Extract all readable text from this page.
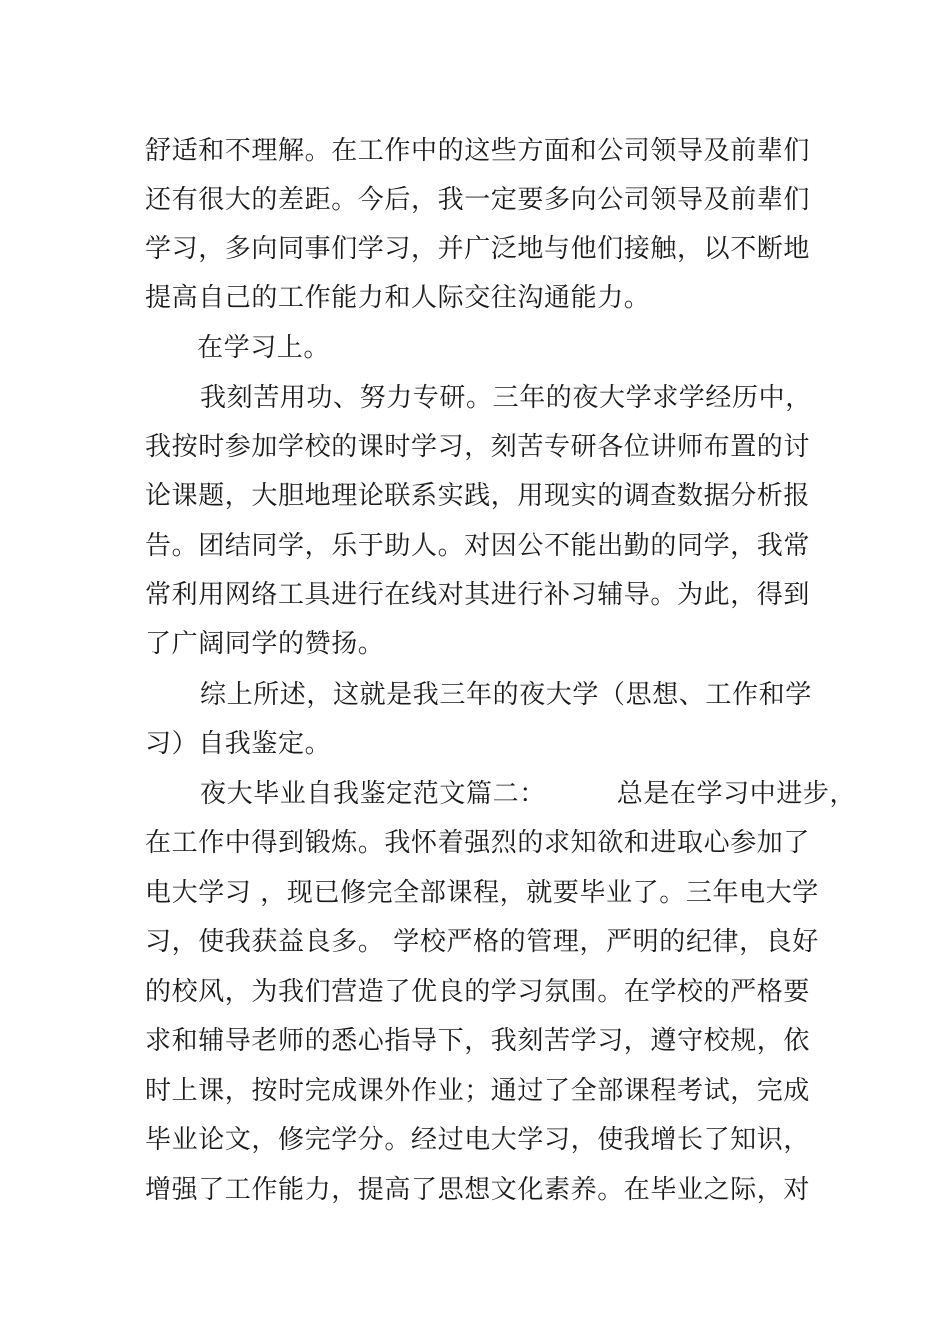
舒适和不理解。在工作中的这些方面和公司领导及前辈们
还有很大的差距。今后，我一定要多向公司领导及前辈们
学习，多向同事们学习，并广泛地与他们接触，以不断地
提高自己的工作能力和人际交往沟通能力。
在学习上。
我刻苦用功、努力专研。三年的夜大学求学经历中，
我按时参加学校的课时学习，刻苦专研各位讲师布置的讨
论课题，大胆地理论联系实践，用现实的调查数据分析报
告。团结同学，乐于助人。对因公不能出勤的同学，我常
常利用网络工具进行在线对其进行补习辅导。为此，得到
了广阔同学的赞扬。
综上所述，这就是我三年的夜大学（思想、工作和学
习）自我鉴定。
夜大毕业自我鉴定范文篇二：        总是在学习中进步，
在工作中得到锻炼。我怀着强烈的求知欲和进取心参加了
电大学习 ，现已修完全部课程，就要毕业了。三年电大学
习，使我获益良多。 学校严格的管理，严明的纪律，良好
的校风，为我们营造了优良的学习氛围。在学校的严格要
求和辅导老师的悉心指导下，我刻苦学习，遵守校规，依
时上课，按时完成课外作业；通过了全部课程考试，完成
毕业论文，修完学分。经过电大学习，使我增长了知识，
增强了工作能力，提高了思想文化素养。在毕业之际，对
